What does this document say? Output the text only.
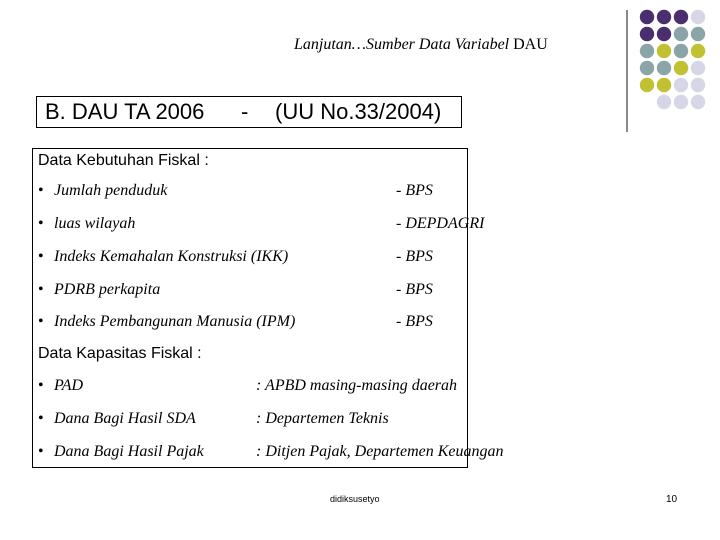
Lanjutan…Sumber Data Variabel DAU
B. DAU TA 2006 - (UU No.33/2004)
Data Kebutuhan Fiskal :
• Jumlah penduduk	- BPS
• luas wilayah	- DEPDAGRI
• Indeks Kemahalan Konstruksi (IKK)	- BPS
• PDRB perkapita	- BPS
• Indeks Pembangunan Manusia (IPM)	- BPS
Data Kapasitas Fiskal :
• PAD	: APBD masing-masing daerah
• Dana Bagi Hasil SDA	: Departemen Teknis
• Dana Bagi Hasil Pajak	: Ditjen Pajak, Departemen Keuangan
didiksusetyo	10
